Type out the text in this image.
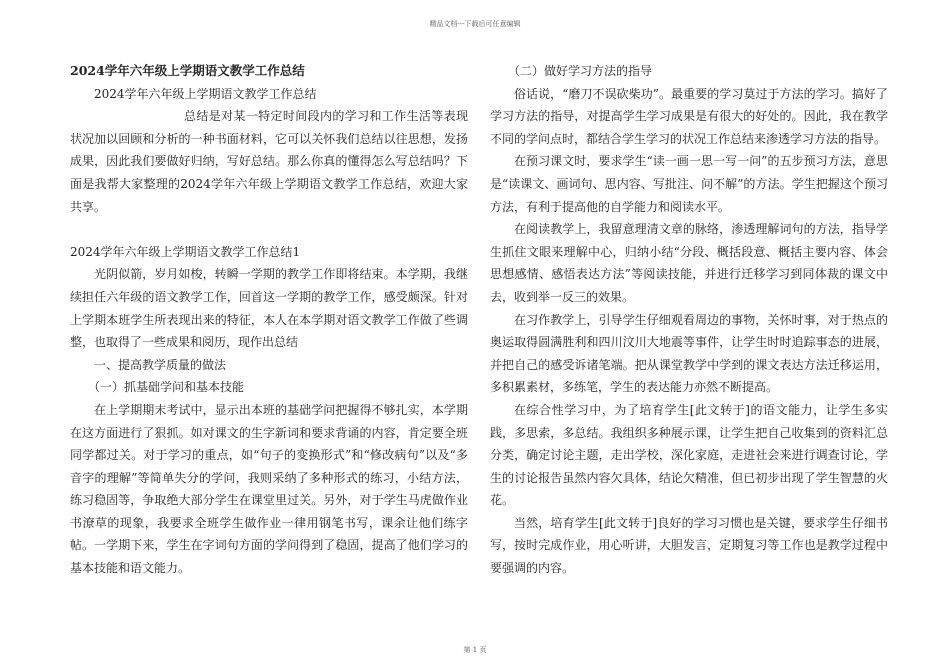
精品文档---下载后可任意编辑

2024学年六年级上学期语文教学工作总结

2024学年六年级上学期语文教学工作总结

总结是对某一特定时间段内的学习和工作生活等表现状况加以回顾和分析的一种书面材料，它可以关怀我们总结以往思想，发扬成果，因此我们要做好归纳，写好总结。那么你真的懂得怎么写总结吗？下面是我帮大家整理的2024学年六年级上学期语文教学工作总结，欢迎大家共享。

2024学年六年级上学期语文教学工作总结1

光阴似箭，岁月如梭，转瞬一学期的教学工作即将结束。本学期，我继续担任六年级的语文教学工作，回首这一学期的教学工作，感受颇深。针对上学期本班学生所表现出来的特征，本人在本学期对语文教学工作做了些调整，也取得了一些成果和阅历，现作出总结

一、提高教学质量的做法

（一）抓基础学问和基本技能

在上学期期末考试中，显示出本班的基础学问把握得不够扎实，本学期在这方面进行了狠抓。如对课文的生字新词和要求背诵的内容，肯定要全班同学都过关。对于学习的重点，如“句子的变换形式”和“修改病句”以及“多音字的理解”等简单失分的学问，我则采纳了多种形式的练习，小结方法，练习稳固等，争取绝大部分学生在课堂里过关。另外，对于学生马虎做作业书潦草的现象，我要求全班学生做作业一律用钢笔书写，课余让他们练字帖。一学期下来，学生在字词句方面的学问得到了稳固，提高了他们学习的基本技能和语文能力。

（二）做好学习方法的指导

俗话说，“磨刀不误砍柴功”。最重要的学习莫过于方法的学习。搞好了学习方法的指导，对提高学生学习成果是有很大的好处的。因此，我在教学不同的学问点时，都结合学生学习的状况工作总结来渗透学习方法的指导。

在预习课文时，要求学生“读一画一思一写一问”的五步预习方法，意思是“读课文、画词句、思内容、写批注、问不解”的方法。学生把握这个预习方法，有利于提高他的自学能力和阅读水平。

在阅读教学上，我留意理清文章的脉络，渗透理解词句的方法，指导学生抓住文眼来理解中心，归纳小结“分段、概括段意、概括主要内容、体会思想感情、感悟表达方法”等阅读技能，并进行迁移学习到同体裁的课文中去，收到举一反三的效果。

在习作教学上，引导学生仔细观看周边的事物，关怀时事，对于热点的奥运取得圆满胜利和四川汶川大地震等事件，让学生时时追踪事态的进展，并把自己的感受诉诸笔端。把从课堂教学中学到的课文表达方法迁移运用，多积累素材，多练笔，学生的表达能力亦然不断提高。

在综合性学习中，为了培育学生[此文转于]的语文能力，让学生多实践，多思索，多总结。我组织多种展示课，让学生把自己收集到的资料汇总分类，确定讨论主题，走出学校，深化家庭，走进社会来进行调查讨论，学生的讨论报告虽然内容欠具体，结论欠精准，但已初步出现了学生智慧的火花。

当然，培育学生[此文转于]良好的学习习惯也是关键，要求学生仔细书写，按时完成作业，用心听讲，大胆发言，定期复习等工作也是教学过程中要强调的内容。

第 1 页
